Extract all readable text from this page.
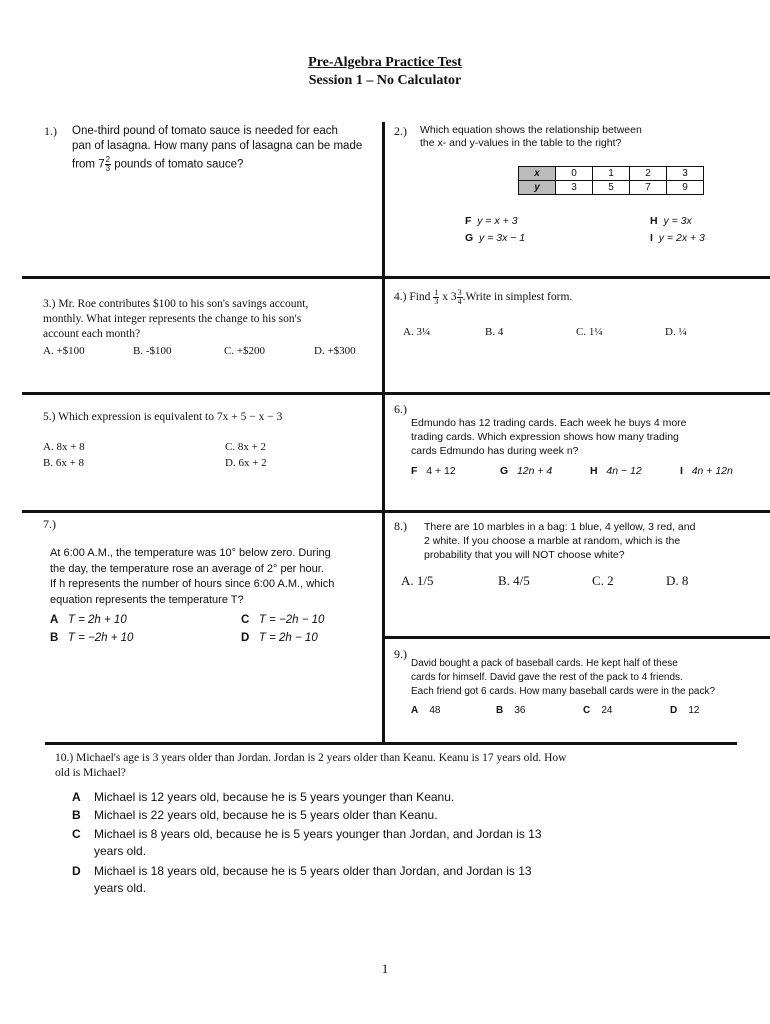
Pre-Algebra Practice Test
Session 1 – No Calculator
1.) One-third pound of tomato sauce is needed for each
pan of lasagna. How many pans of lasagna can be made
from $7 \frac{2}{3}$ pounds of tomato sauce?
2.) Which equation shows the relationship between
the x- and y-values in the table to the right?
x	0	1	2	3
y	3	5	7	9
F y = x + 3
G y = 3x − 1
H y = 3x
I y = 2x + 3
3.) Mr. Roe contributes $100 to his son's savings account,
monthly. What integer represents the change to his son's
account each month?
A. +$100	B. -$100	C. +$200	D. +$300
4.) Find $\frac{1}{3}$ x $3 \frac{3}{4}$ .Write in simplest form.
A. 3¼	B. 4	C. 1¼	D. ¼
5.) Which expression is equivalent to 7x + 5 − x − 3
A. 8x + 8
B. 6x + 8
C. 8x + 2
D. 6x + 2
6.)
Edmundo has 12 trading cards. Each week he buys 4 more
trading cards. Which expression shows how many trading
cards Edmundo has during week n?
F 4 + 12	G 12n + 4	H 4n − 12	I 4n + 12n
7.)
At 6:00 A.M., the temperature was 10° below zero. During
the day, the temperature rose an average of 2° per hour.
If h represents the number of hours since 6:00 A.M., which
equation represents the temperature T?
A T = 2h + 10
B T = −2h + 10
C T = −2h − 10
D T = 2h − 10
8.) There are 10 marbles in a bag: 1 blue, 4 yellow, 3 red, and
2 white. If you choose a marble at random, which is the
probability that you will NOT choose white?
A. 1/5	B. 4/5	C. 2	D. 8
9.)
David bought a pack of baseball cards. He kept half of these
cards for himself. David gave the rest of the pack to 4 friends.
Each friend got 6 cards. How many baseball cards were in the pack?
A 48	B 36	C 24	D 12
10.) Michael's age is 3 years older than Jordan. Jordan is 2 years older than Keanu. Keanu is 17 years old. How
old is Michael?
A Michael is 12 years old, because he is 5 years younger than Keanu.
B Michael is 22 years old, because he is 5 years older than Keanu.
C Michael is 8 years old, because he is 5 years younger than Jordan, and Jordan is 13 years old.
D Michael is 18 years old, because he is 5 years older than Jordan, and Jordan is 13 years old.
1
